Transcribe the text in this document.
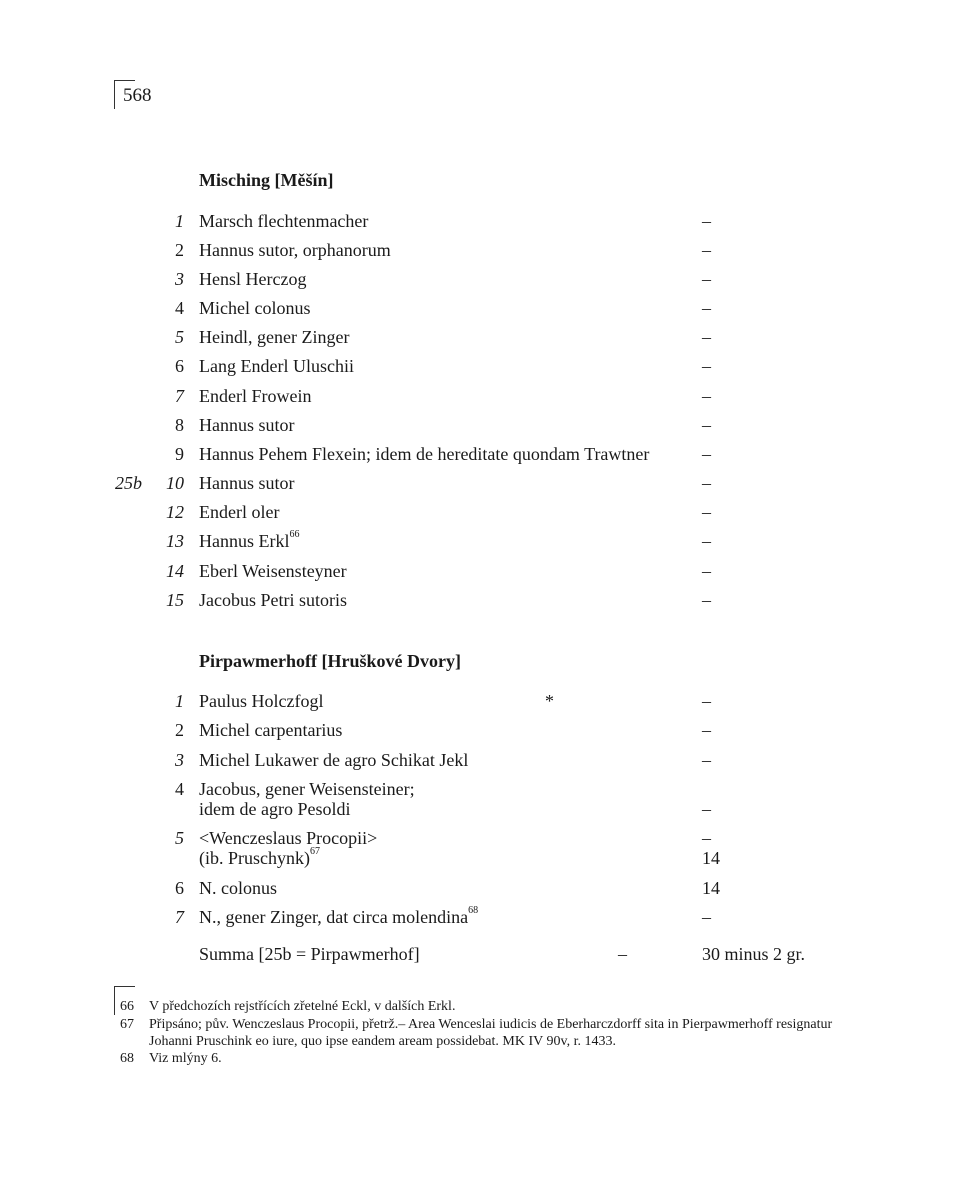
568
Misching [Měšín]
1 Marsch flechtenmacher	–
2 Hannus sutor, orphanorum	–
3 Hensl Herczog	–
4 Michel colonus	–
5 Heindl, gener Zinger	–
6 Lang Enderl Uluschii	–
7 Enderl Frowein	–
8 Hannus sutor	–
9 Hannus Pehem Flexein; idem de hereditate quondam Trawtner	–
25b 10 Hannus sutor	–
12 Enderl oler	–
13 Hannus Erkl$^{66}$	–
14 Eberl Weisensteyner	–
15 Jacobus Petri sutoris	–
Pirpawmerhoff [Hruškové Dvory]
1 Paulus Holczfogl	*	–
2 Michel carpentarius	–
3 Michel Lukawer de agro Schikat Jekl	–
4 Jacobus, gener Weisensteiner;
idem de agro Pesoldi	–
5 <Wenczeslaus Procopii>	–
(ib. Pruschynk)$^{67}$	14
6 N. colonus	14
7 N., gener Zinger, dat circa molendina$^{68}$	–
Summa [25b = Pirpawmerhof]	–	30 minus 2 gr.
66 V předchozích rejstřících zřetelné Eckl, v dalších Erkl.
67 Připsáno; pův. Wenczeslaus Procopii, přetrž.– Area Wenceslai iudicis de Eberharczdorff sita in Pierpawmerhoff resignatur Johanni Pruschink eo iure, quo ipse eandem aream possidebat. MK IV 90v, r. 1433.
68 Viz mlýny 6.
